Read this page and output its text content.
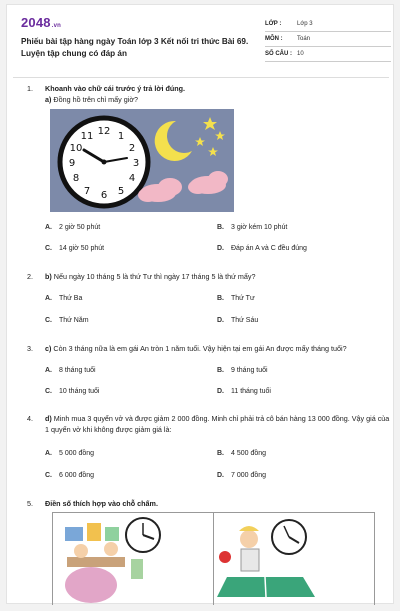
2048.vn
Phiếu bài tập hàng ngày Toán lớp 3 Kết nối tri thức Bài 69. Luyện tập chung có đáp án
LỚP :	Lớp 3
MÔN :	Toán
SỐ CÂU : 10
1.	Khoanh vào chữ cái trước ý trả lời đúng.
a) Đồng hồ trên chỉ mấy giờ?
12 1
2
3
4
5
6
7
8
9
10
11
A. 2 giờ 50 phút	B. 3 giờ kém 10 phút
C. 14 giờ 50 phút	D. Đáp án A và C đều đúng
2.	b) Nếu ngày 10 tháng 5 là thứ Tư thì ngày 17 tháng 5 là thứ mấy?
A. Thứ Ba	B. Thứ Tư
C. Thứ Năm	D. Thứ Sáu
3.	c) Còn 3 tháng nữa là em gái An tròn 1 năm tuổi. Vậy hiện tại em gái An được mấy tháng tuổi?
A. 8 tháng tuổi	B. 9 tháng tuổi
C. 10 tháng tuổi	D. 11 tháng tuổi
4.	d) Minh mua 3 quyển vở và được giảm 2 000 đồng. Minh chỉ phải trả cô bán hàng 13 000 đồng. Vậy giá của 1 quyển vở khi không được giảm giá là:
A. 5 000 đồng	B. 4 500 đồng
C. 6 000 đồng	D. 7 000 đồng
5.	Điền số thích hợp vào chỗ chấm.
